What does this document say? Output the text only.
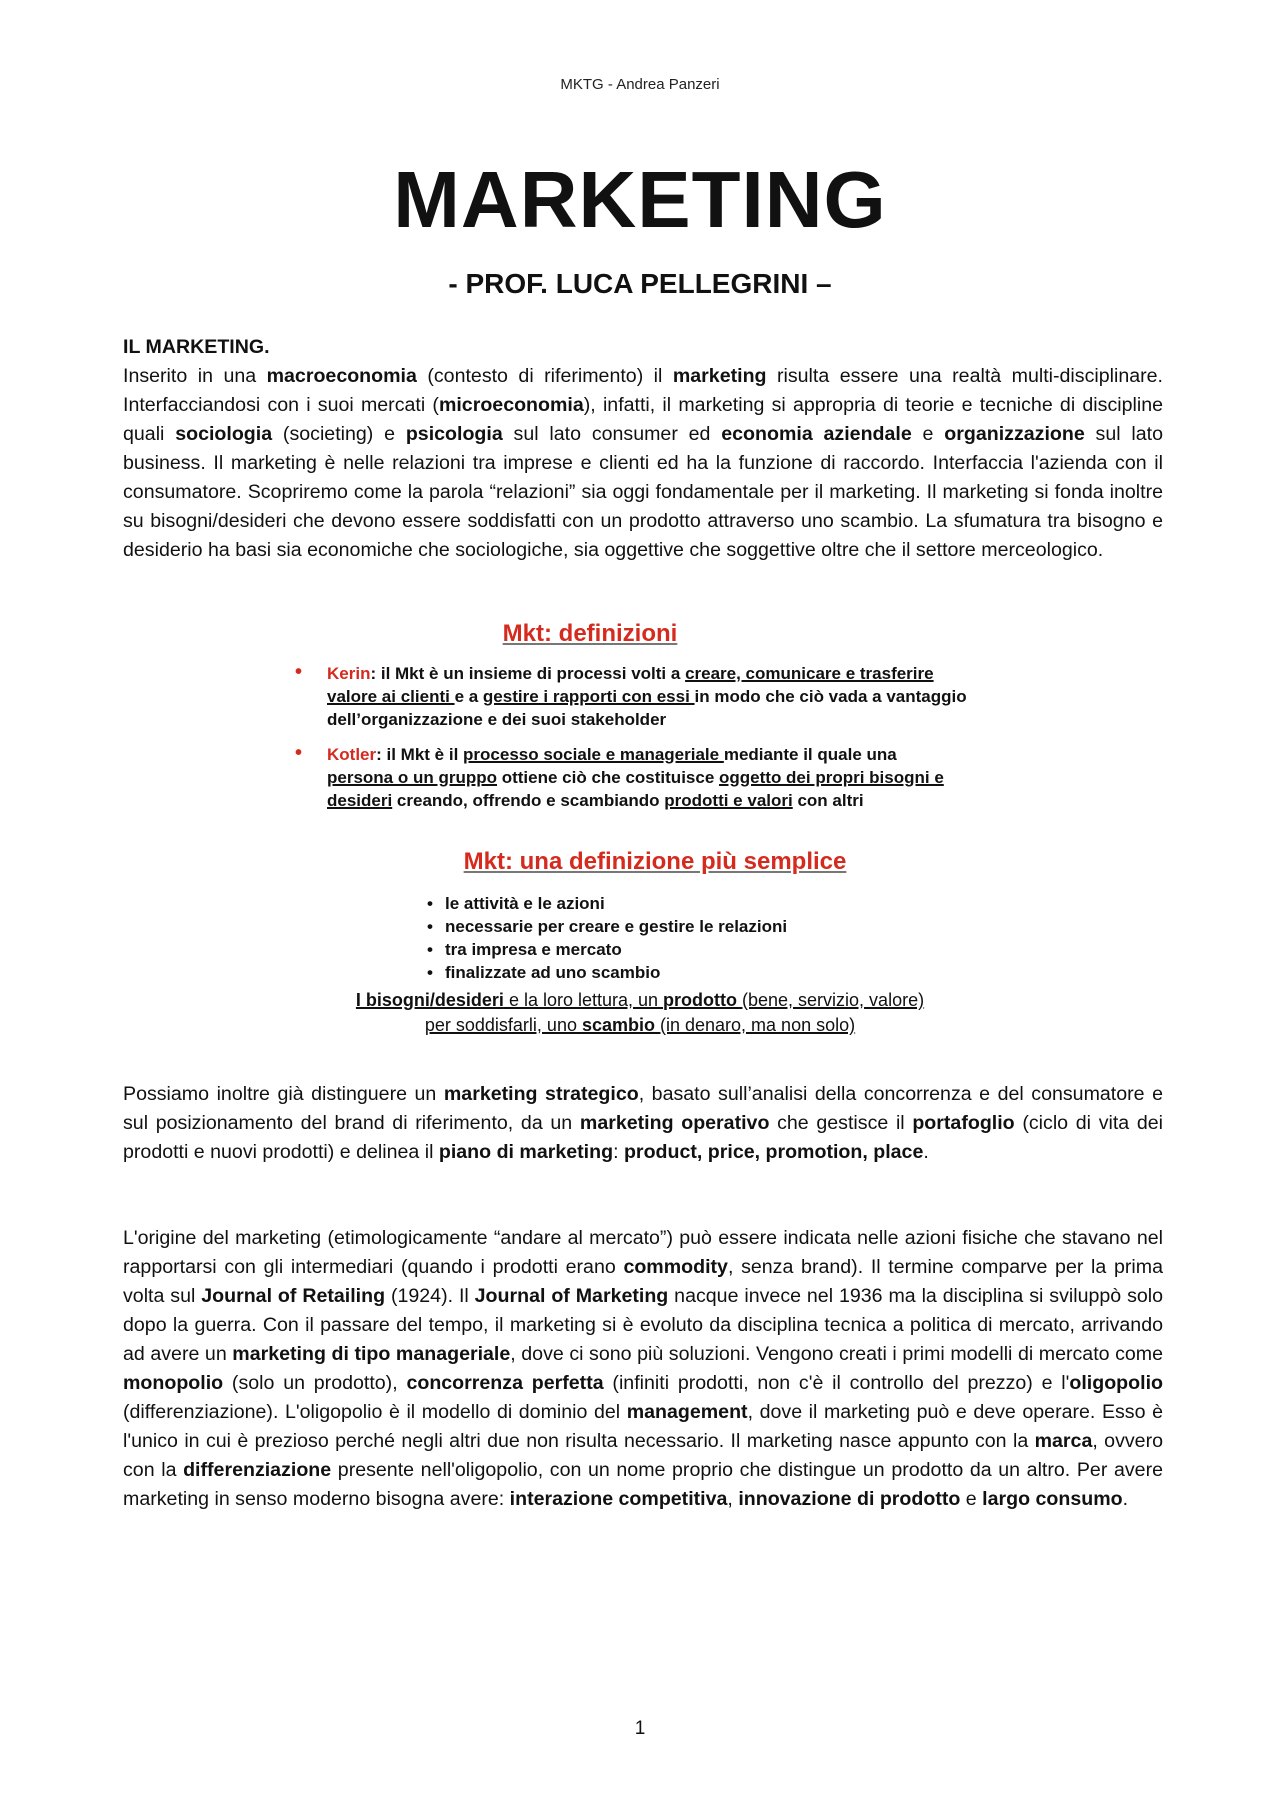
MKTG - Andrea Panzeri
MARKETING
- PROF. LUCA PELLEGRINI –
IL MARKETING.
Inserito in una macroeconomia (contesto di riferimento) il marketing risulta essere una realtà multi-disciplinare. Interfacciandosi con i suoi mercati (microeconomia), infatti, il marketing si appropria di teorie e tecniche di discipline quali sociologia (societing) e psicologia sul lato consumer ed economia aziendale e organizzazione sul lato business. Il marketing è nelle relazioni tra imprese e clienti ed ha la funzione di raccordo. Interfaccia l'azienda con il consumatore. Scopriremo come la parola “relazioni” sia oggi fondamentale per il marketing. Il marketing si fonda inoltre su bisogni/desideri che devono essere soddisfatti con un prodotto attraverso uno scambio. La sfumatura tra bisogno e desiderio ha basi sia economiche che sociologiche, sia oggettive che soggettive oltre che il settore merceologico.
Mkt: definizioni
• Kerin: il Mkt è un insieme di processi volti a creare, comunicare e trasferire valore ai clienti e a gestire i rapporti con essi in modo che ciò vada a vantaggio dell’organizzazione e dei suoi stakeholder
• Kotler: il Mkt è il processo sociale e manageriale mediante il quale una persona o un gruppo ottiene ciò che costituisce oggetto dei propri bisogni e desideri creando, offrendo e scambiando prodotti e valori con altri
Mkt: una definizione più semplice
• le attività e le azioni
• necessarie per creare e gestire le relazioni
• tra impresa e mercato
• finalizzate ad uno scambio
I bisogni/desideri e la loro lettura, un prodotto (bene, servizio, valore)
per soddisfarli, uno scambio (in denaro, ma non solo)
Possiamo inoltre già distinguere un marketing strategico, basato sull’analisi della concorrenza e del consumatore e sul posizionamento del brand di riferimento, da un marketing operativo che gestisce il portafoglio (ciclo di vita dei prodotti e nuovi prodotti) e delinea il piano di marketing: product, price, promotion, place.
L'origine del marketing (etimologicamente “andare al mercato”) può essere indicata nelle azioni fisiche che stavano nel rapportarsi con gli intermediari (quando i prodotti erano commodity, senza brand). Il termine comparve per la prima volta sul Journal of Retailing (1924). Il Journal of Marketing nacque invece nel 1936 ma la disciplina si sviluppò solo dopo la guerra. Con il passare del tempo, il marketing si è evoluto da disciplina tecnica a politica di mercato, arrivando ad avere un marketing di tipo manageriale, dove ci sono più soluzioni. Vengono creati i primi modelli di mercato come monopolio (solo un prodotto), concorrenza perfetta (infiniti prodotti, non c'è il controllo del prezzo) e l'oligopolio (differenziazione). L'oligopolio è il modello di dominio del management, dove il marketing può e deve operare. Esso è l'unico in cui è prezioso perché negli altri due non risulta necessario. Il marketing nasce appunto con la marca, ovvero con la differenziazione presente nell'oligopolio, con un nome proprio che distingue un prodotto da un altro. Per avere marketing in senso moderno bisogna avere: interazione competitiva, innovazione di prodotto e largo consumo.
1
